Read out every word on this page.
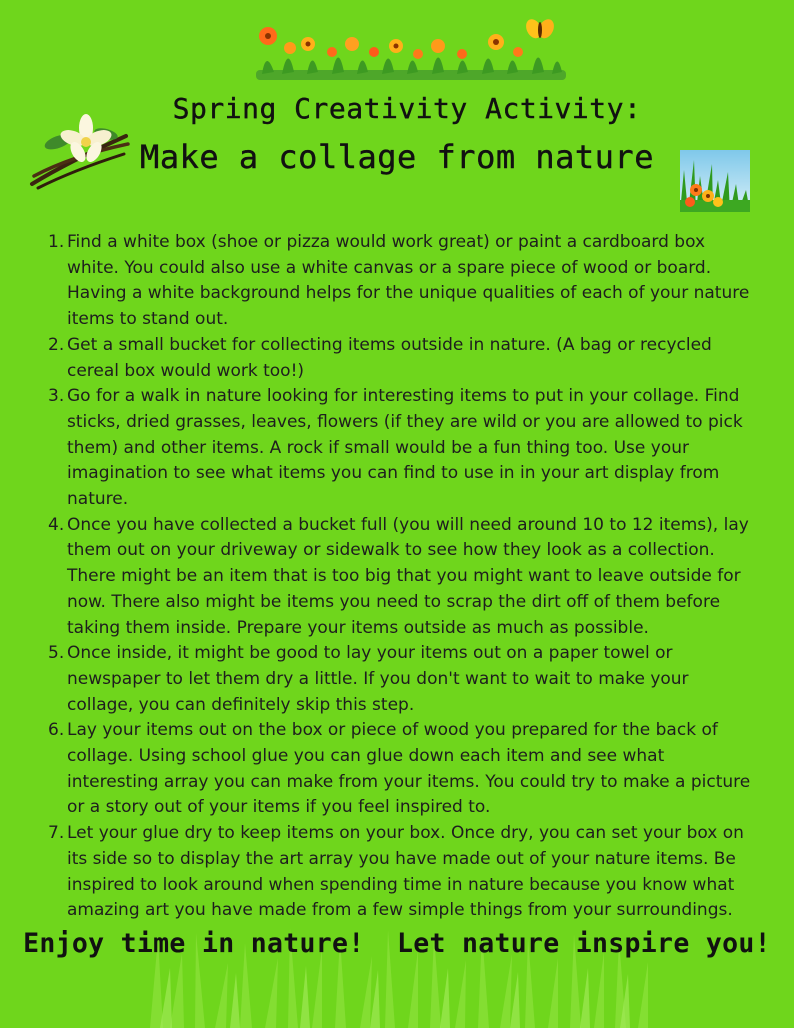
Spring Creativity Activity:
Make a collage from nature
1. Find a white box (shoe or pizza would work great) or paint a cardboard box white. You could also use a white canvas or a spare piece of wood or board. Having a white background helps for the unique qualities of each of your nature items to stand out.
2. Get a small bucket for collecting items outside in nature. (A bag or recycled cereal box would work too!)
3. Go for a walk in nature looking for interesting items to put in your collage. Find sticks, dried grasses, leaves, flowers (if they are wild or you are allowed to pick them) and other items. A rock if small would be a fun thing too. Use your imagination to see what items you can find to use in in your art display from nature.
4. Once you have collected a bucket full (you will need around 10 to 12 items), lay them out on your driveway or sidewalk to see how they look as a collection. There might be an item that is too big that you might want to leave outside for now. There also might be items you need to scrap the dirt off of them before taking them inside. Prepare your items outside as much as possible.
5. Once inside, it might be good to lay your items out on a paper towel or newspaper to let them dry a little. If you don't want to wait to make your collage, you can definitely skip this step.
6. Lay your items out on the box or piece of wood you prepared for the back of collage. Using school glue you can glue down each item and see what interesting array you can make from your items. You could try to make a picture or a story out of your items if you feel inspired to.
7. Let your glue dry to keep items on your box. Once dry, you can set your box on its side so to display the art array you have made out of your nature items. Be inspired to look around when spending time in nature because you know what amazing art you have made from a few simple things from your surroundings.
Enjoy time in nature!  Let nature inspire you!
